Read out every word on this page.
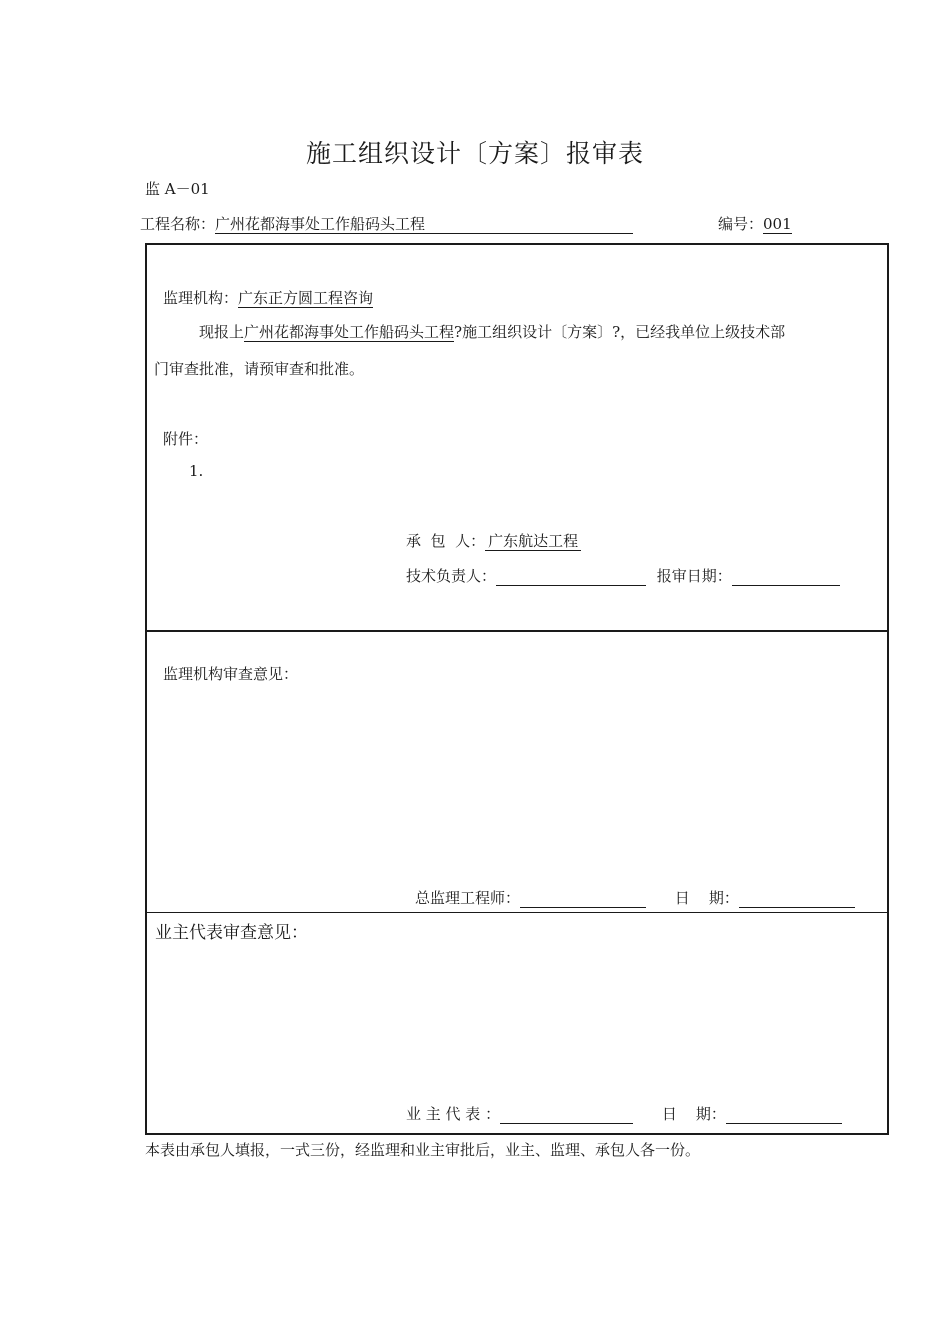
施工组织设计〔方案〕报审表
监 A－01
工程名称：广州花都海事处工作船码头工程	编号：001
监理机构：广东正方圆工程咨询
现报上广州花都海事处工作船码头工程?施工组织设计〔方案〕?，已经我单位上级技术部
门审查批准，请预审查和批准。
附件：
1.
承  包  人： 广东航达工程
技术负责人：	报审日期：
监理机构审查意见：
总监理工程师：	日    期：
业主代表审查意见：
业 主 代 表 ：	日    期：
本表由承包人填报，一式三份，经监理和业主审批后，业主、监理、承包人各一份。
